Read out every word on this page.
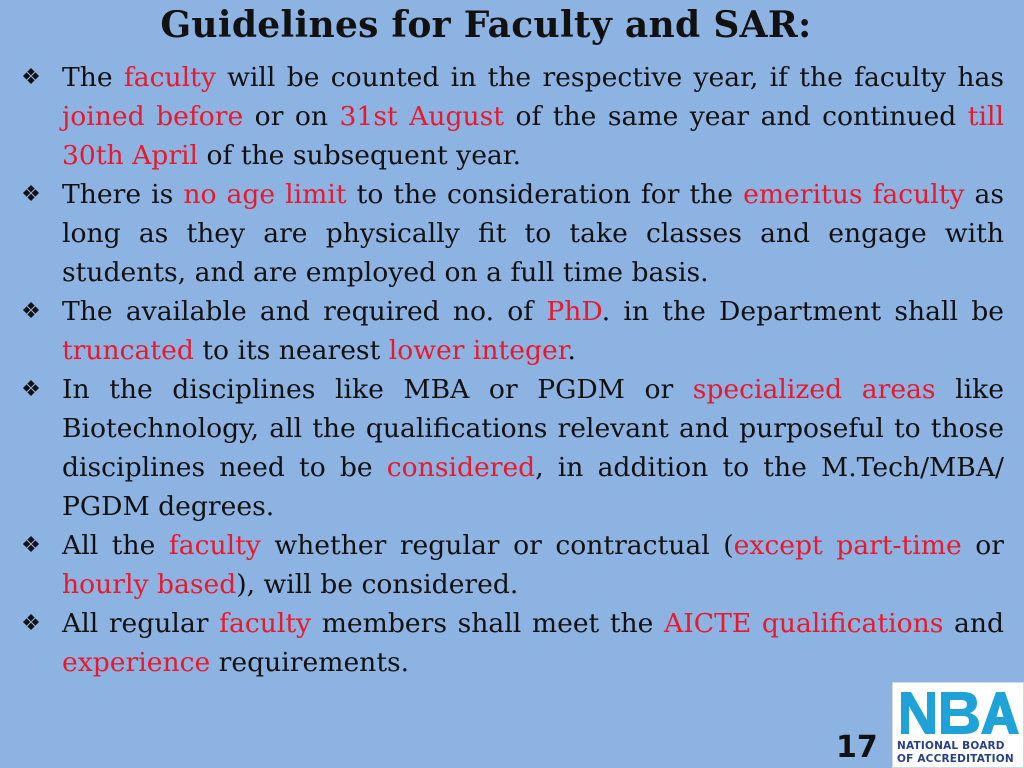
Guidelines for Faculty and SAR:
❖ The faculty will be counted in the respective year, if the faculty has joined before or on 31st August of the same year and continued till 30th April of the subsequent year.
❖ There is no age limit to the consideration for the emeritus faculty as long as they are physically fit to take classes and engage with students, and are employed on a full time basis.
❖ The available and required no. of PhD. in the Department shall be truncated to its nearest lower integer.
❖ In the disciplines like MBA or PGDM or specialized areas like Biotechnology, all the qualifications relevant and purposeful to those disciplines need to be considered, in addition to the M.Tech/MBA/ PGDM degrees.
❖ All the faculty whether regular or contractual (except part-time or hourly based), will be considered.
❖ All regular faculty members shall meet the AICTE qualifications and experience requirements.
17	NBA
NATIONAL BOARD
OF ACCREDITATION
